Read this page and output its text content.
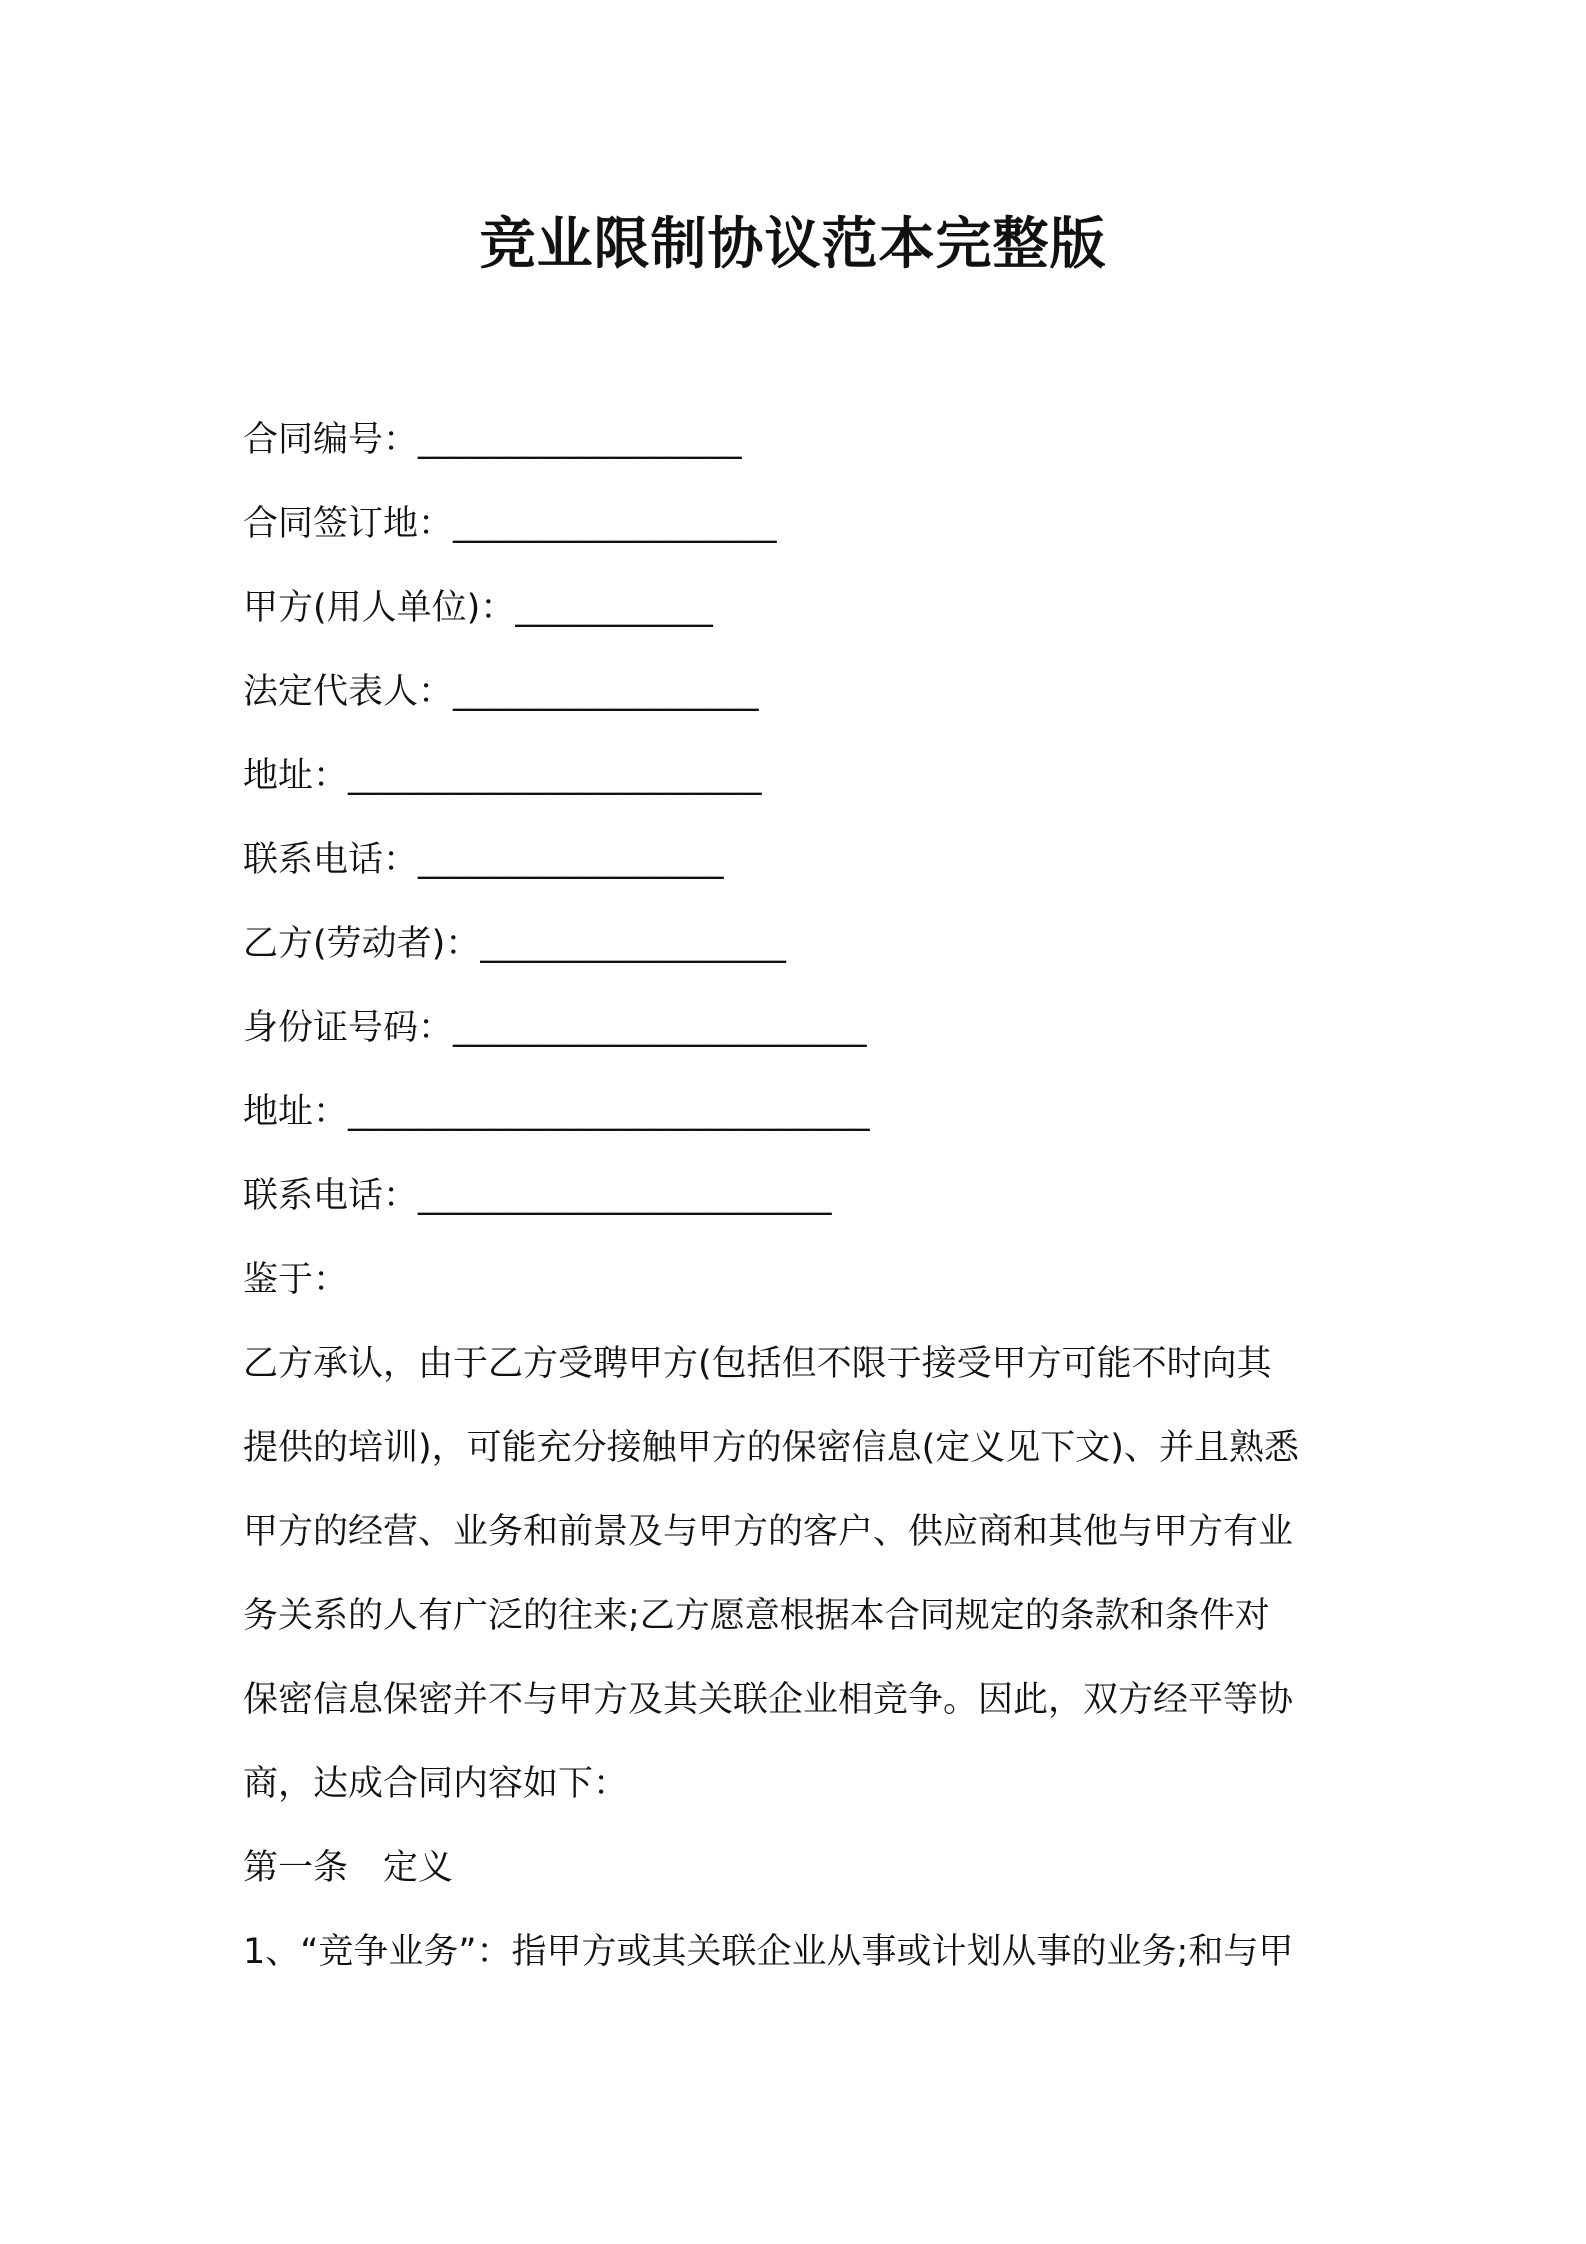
竞业限制协议范本完整版
合同编号：__________________
合同签订地：__________________
甲方(用人单位)：___________
法定代表人：_________________
地址：_______________________
联系电话：_________________
乙方(劳动者)：_________________
身份证号码：_______________________
地址：_____________________________
联系电话：_______________________
鉴于：
乙方承认，由于乙方受聘甲方(包括但不限于接受甲方可能不时向其
提供的培训)，可能充分接触甲方的保密信息(定义见下文)、并且熟悉
甲方的经营、业务和前景及与甲方的客户、供应商和其他与甲方有业
务关系的人有广泛的往来;乙方愿意根据本合同规定的条款和条件对
保密信息保密并不与甲方及其关联企业相竞争。因此，双方经平等协
商，达成合同内容如下：
第一条　定义
1、“竞争业务”：指甲方或其关联企业从事或计划从事的业务;和与甲
